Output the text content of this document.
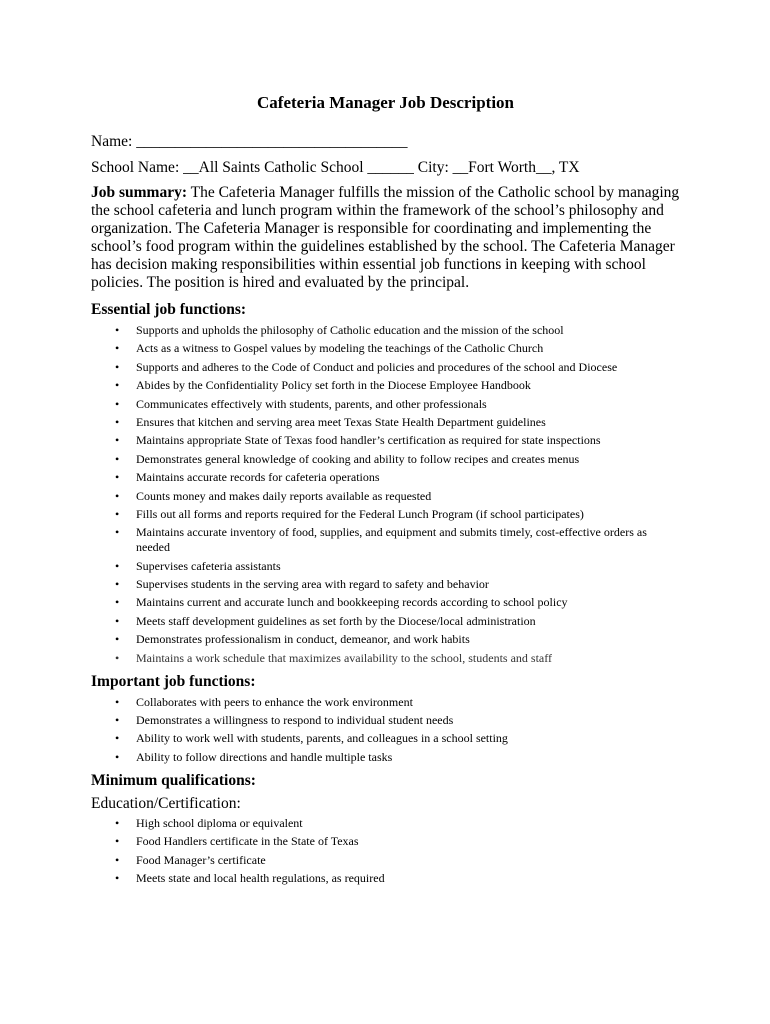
Cafeteria Manager Job Description
Name: ___________________________________
School Name: __All Saints Catholic School ______ City: __Fort Worth__, TX
Job summary: The Cafeteria Manager fulfills the mission of the Catholic school by managing the school cafeteria and lunch program within the framework of the school’s philosophy and organization. The Cafeteria Manager is responsible for coordinating and implementing the school’s food program within the guidelines established by the school. The Cafeteria Manager has decision making responsibilities within essential job functions in keeping with school policies. The position is hired and evaluated by the principal.
Essential job functions:
• Supports and upholds the philosophy of Catholic education and the mission of the school
• Acts as a witness to Gospel values by modeling the teachings of the Catholic Church
• Supports and adheres to the Code of Conduct and policies and procedures of the school and Diocese
• Abides by the Confidentiality Policy set forth in the Diocese Employee Handbook
• Communicates effectively with students, parents, and other professionals
• Ensures that kitchen and serving area meet Texas State Health Department guidelines
• Maintains appropriate State of Texas food handler’s certification as required for state inspections
• Demonstrates general knowledge of cooking and ability to follow recipes and creates menus
• Maintains accurate records for cafeteria operations
• Counts money and makes daily reports available as requested
• Fills out all forms and reports required for the Federal Lunch Program (if school participates)
• Maintains accurate inventory of food, supplies, and equipment and submits timely, cost-effective orders as needed
• Supervises cafeteria assistants
• Supervises students in the serving area with regard to safety and behavior
• Maintains current and accurate lunch and bookkeeping records according to school policy
• Meets staff development guidelines as set forth by the Diocese/local administration
• Demonstrates professionalism in conduct, demeanor, and work habits
• Maintains a work schedule that maximizes availability to the school, students and staff
Important job functions:
• Collaborates with peers to enhance the work environment
• Demonstrates a willingness to respond to individual student needs
• Ability to work well with students, parents, and colleagues in a school setting
• Ability to follow directions and handle multiple tasks
Minimum qualifications:
Education/Certification:
• High school diploma or equivalent
• Food Handlers certificate in the State of Texas
• Food Manager’s certificate
• Meets state and local health regulations, as required
